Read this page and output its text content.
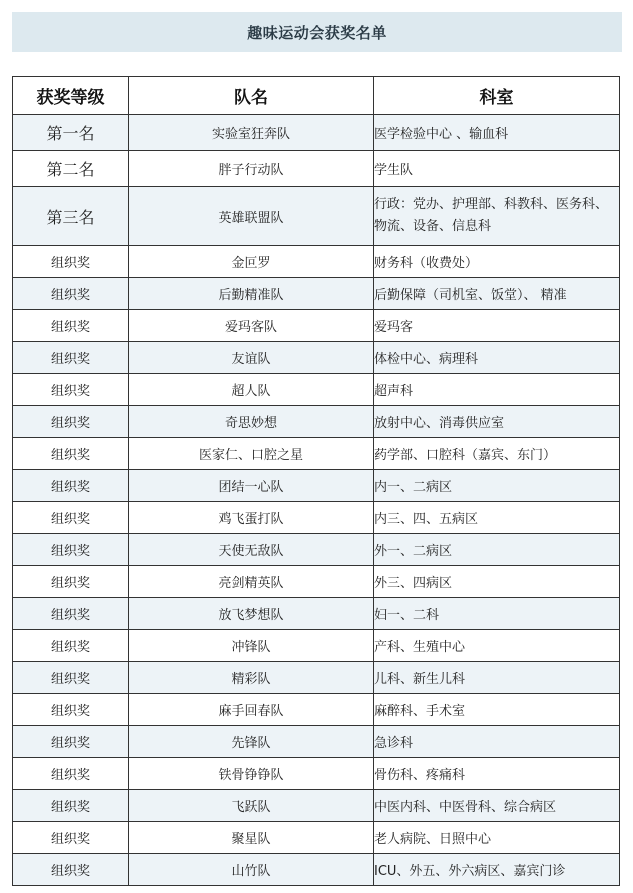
趣味运动会获奖名单
获奖等级	队名	科室
第一名	实验室狂奔队	医学检验中心 、输血科
第二名	胖子行动队	学生队
第三名	英雄联盟队	行政：党办、护理部、科教科、医务科、物流、设备、信息科
组织奖	金叵罗	财务科（收费处）
组织奖	后勤精准队	后勤保障（司机室、饭堂）、 精准
组织奖	爱玛客队	爱玛客
组织奖	友谊队	体检中心、病理科
组织奖	超人队	超声科
组织奖	奇思妙想	放射中心、消毒供应室
组织奖	医家仁、口腔之星	药学部、口腔科（嘉宾、东门）
组织奖	团结一心队	内一、二病区
组织奖	鸡飞蛋打队	内三、四、五病区
组织奖	天使无敌队	外一、二病区
组织奖	亮剑精英队	外三、四病区
组织奖	放飞梦想队	妇一、二科
组织奖	冲锋队	产科、生殖中心
组织奖	精彩队	儿科、新生儿科
组织奖	麻手回春队	麻醉科、手术室
组织奖	先锋队	急诊科
组织奖	铁骨铮铮队	骨伤科、疼痛科
组织奖	飞跃队	中医内科、中医骨科、综合病区
组织奖	聚星队	老人病院、日照中心
组织奖	山竹队	ICU、外五、外六病区、嘉宾门诊
